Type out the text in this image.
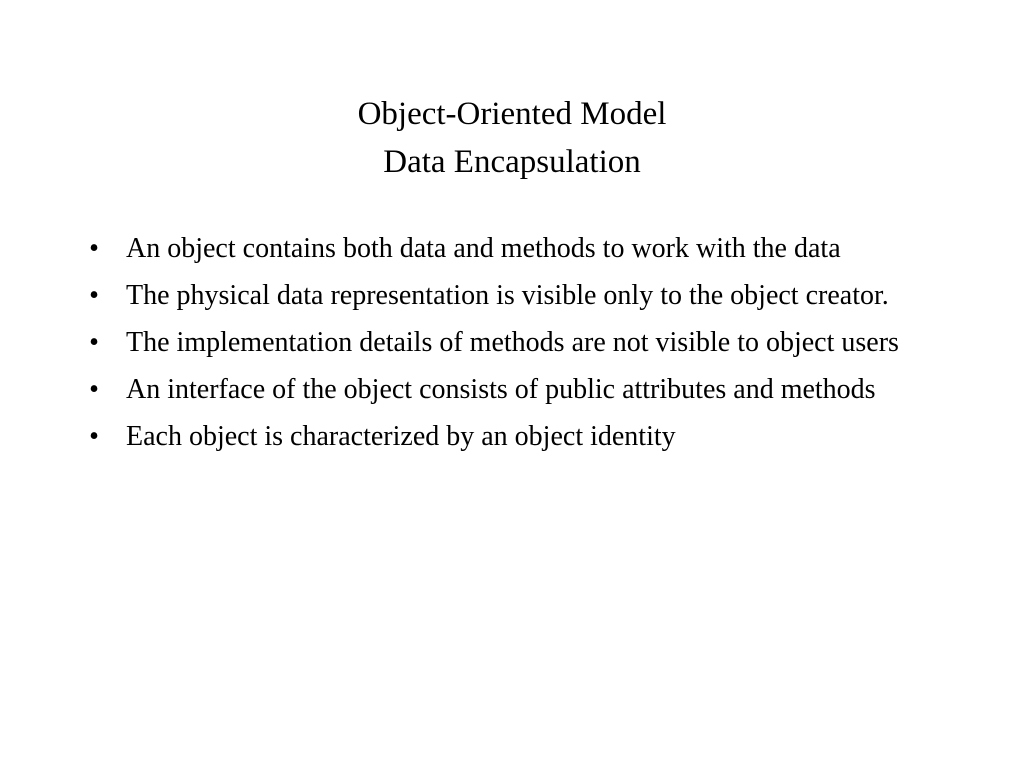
Object-Oriented Model
Data Encapsulation
• An object contains both data and methods to work with the data
• The physical data representation is visible only to the object creator.
• The implementation details of methods are not visible to object users
• An interface of the object consists of public attributes and methods
• Each object is characterized by an object identity
